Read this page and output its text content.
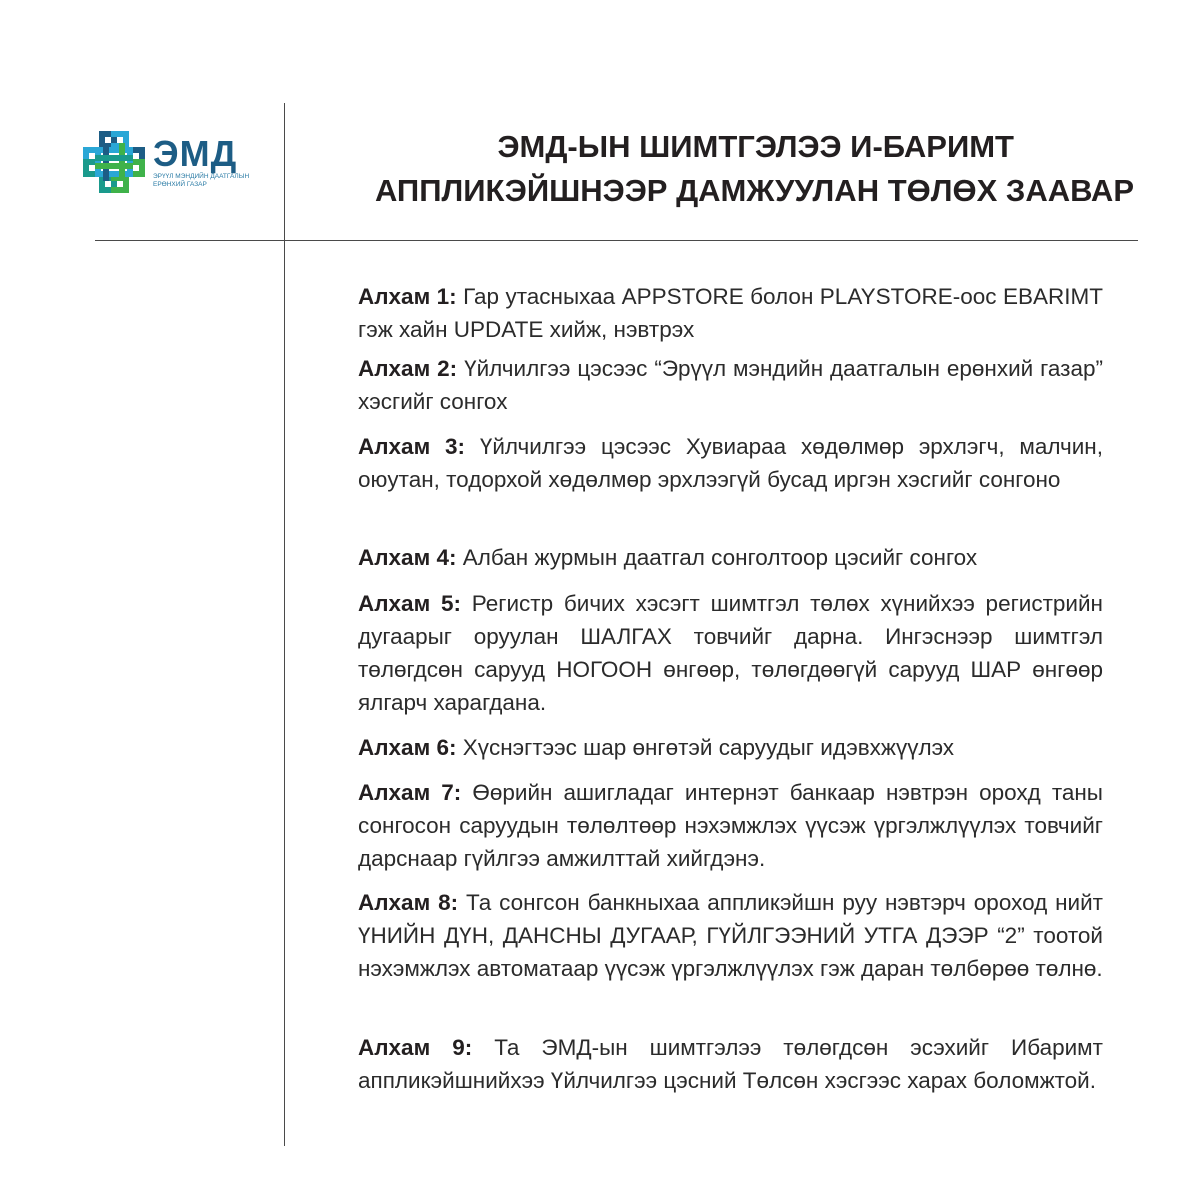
ЭМД
ЭРҮҮЛ МЭНДИЙН ДААТГАЛЫН
ЕРӨНХИЙ ГАЗАР
ЭМД-ЫН ШИМТГЭЛЭЭ И-БАРИМТ
АППЛИКЭЙШНЭЭР ДАМЖУУЛАН ТӨЛӨХ ЗААВАР
Алхам 1: Гар утасныхаа APPSTORE болон PLAYSTORE-оос EBARIMT гэж хайн UPDATE хийж, нэвтрэх
Алхам 2: Үйлчилгээ цэсээс “Эрүүл мэндийн даатгалын ерөнхий газар” хэсгийг сонгох
Алхам 3: Үйлчилгээ цэсээс Хувиараа хөдөлмөр эрхлэгч, малчин, оюутан, тодорхой хөдөлмөр эрхлээгүй бусад иргэн хэсгийг сонгоно
Алхам 4: Албан журмын даатгал сонголтоор цэсийг сонгох
Алхам 5: Регистр бичих хэсэгт шимтгэл төлөх хүнийхээ регистрийн дугаарыг оруулан ШАЛГАХ товчийг дарна. Ингэснээр шимтгэл төлөгдсөн сарууд НОГООН өнгөөр, төлөгдөөгүй сарууд ШАР өнгөөр ялгарч харагдана.
Алхам 6: Хүснэгтээс шар өнгөтэй саруудыг идэвхжүүлэх
Алхам 7: Өөрийн ашигладаг интернэт банкаар нэвтрэн орохд таны сонгосон саруудын төлөлтөөр нэхэмжлэх үүсэж үргэлжлүүлэх товчийг дарснаар гүйлгээ амжилттай хийгдэнэ.
Алхам 8: Та сонгсон банкныхаа аппликэйшн руу нэвтэрч ороход нийт ҮНИЙН ДҮН, ДАНСНЫ ДУГААР, ГҮЙЛГЭЭНИЙ УТГА ДЭЭР “2” тоотой нэхэмжлэх автоматаар үүсэж үргэлжлүүлэх гэж даран төлбөрөө төлнө.
Алхам 9: Та ЭМД-ын шимтгэлээ төлөгдсөн эсэхийг Ибаримт аппликэйшнийхээ Үйлчилгээ цэсний Төлсөн хэсгээс харах боломжтой.
